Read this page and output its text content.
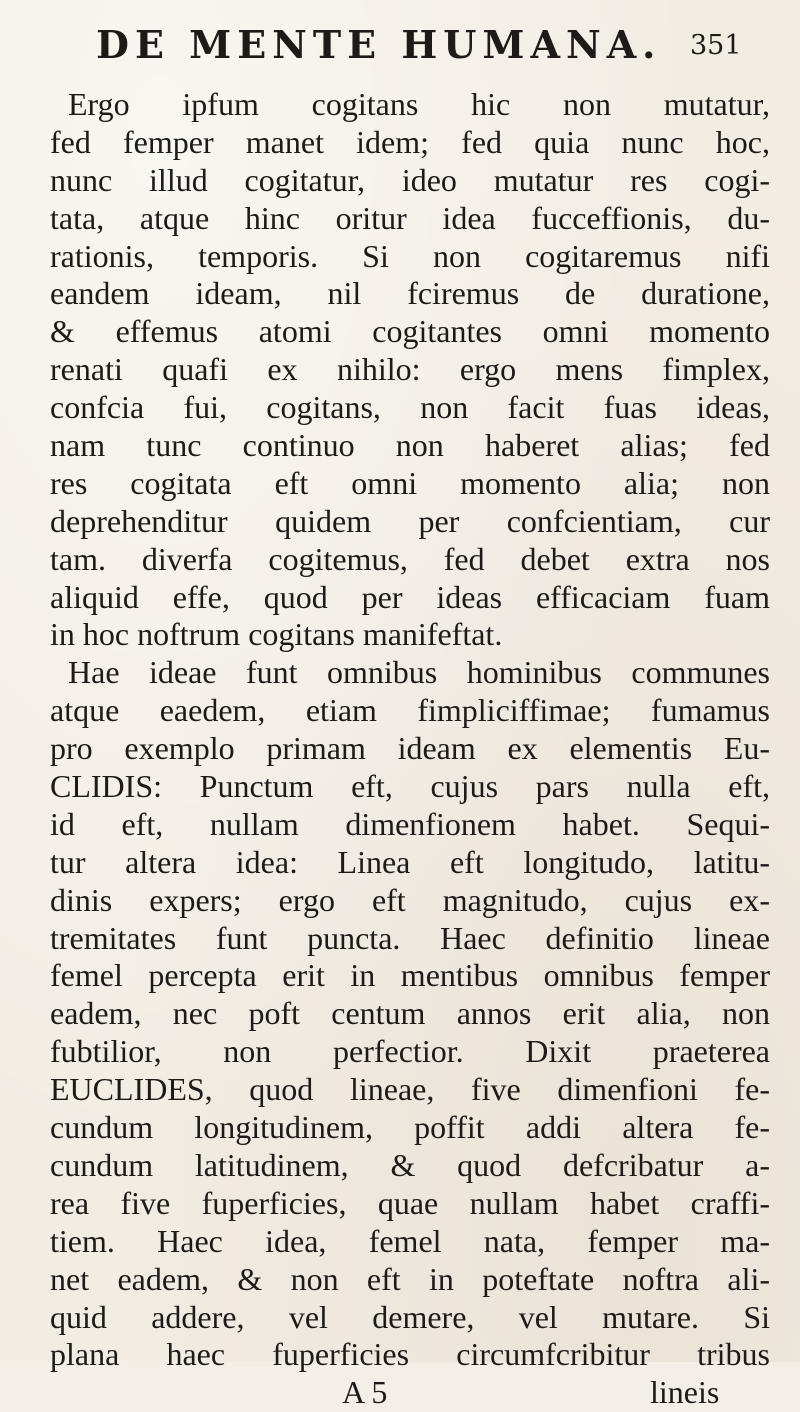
DE MENTE HUMANA. 351
Ergo ipfum cogitans hic non mutatur,
fed femper manet idem; fed quia nunc hoc,
nunc illud cogitatur, ideo mutatur res cogi-
tata, atque hinc oritur idea fucceffionis, du-
rationis, temporis. Si non cogitaremus nifi
eandem ideam, nil fciremus de duratione,
& effemus atomi cogitantes omni momento
renati quafi ex nihilo: ergo mens fimplex,
confcia fui, cogitans, non facit fuas ideas,
nam tunc continuo non haberet alias; fed
res cogitata eft omni momento alia; non
deprehenditur quidem per confcientiam, cur
tam. diverfa cogitemus, fed debet extra nos
aliquid effe, quod per ideas efficaciam fuam
in hoc noftrum cogitans manifeftat.
Hae ideae funt omnibus hominibus communes
atque eaedem, etiam fimpliciffimae; fumamus
pro exemplo primam ideam ex elementis Eu-
CLIDIS: Punctum eft, cujus pars nulla eft,
id eft, nullam dimenfionem habet. Sequi-
tur altera idea: Linea eft longitudo, latitu-
dinis expers; ergo eft magnitudo, cujus ex-
tremitates funt puncta. Haec definitio lineae
femel percepta erit in mentibus omnibus femper
eadem, nec poft centum annos erit alia, non
fubtilior, non perfectior. Dixit praeterea
EUCLIDES, quod lineae, five dimenfioni fe-
cundum longitudinem, poffit addi altera fe-
cundum latitudinem, & quod defcribatur a-
rea five fuperficies, quae nullam habet craffi-
tiem. Haec idea, femel nata, femper ma-
net eadem, & non eft in poteftate noftra ali-
quid addere, vel demere, vel mutare. Si
plana haec fuperficies circumfcribitur tribus
A 5	lineis
